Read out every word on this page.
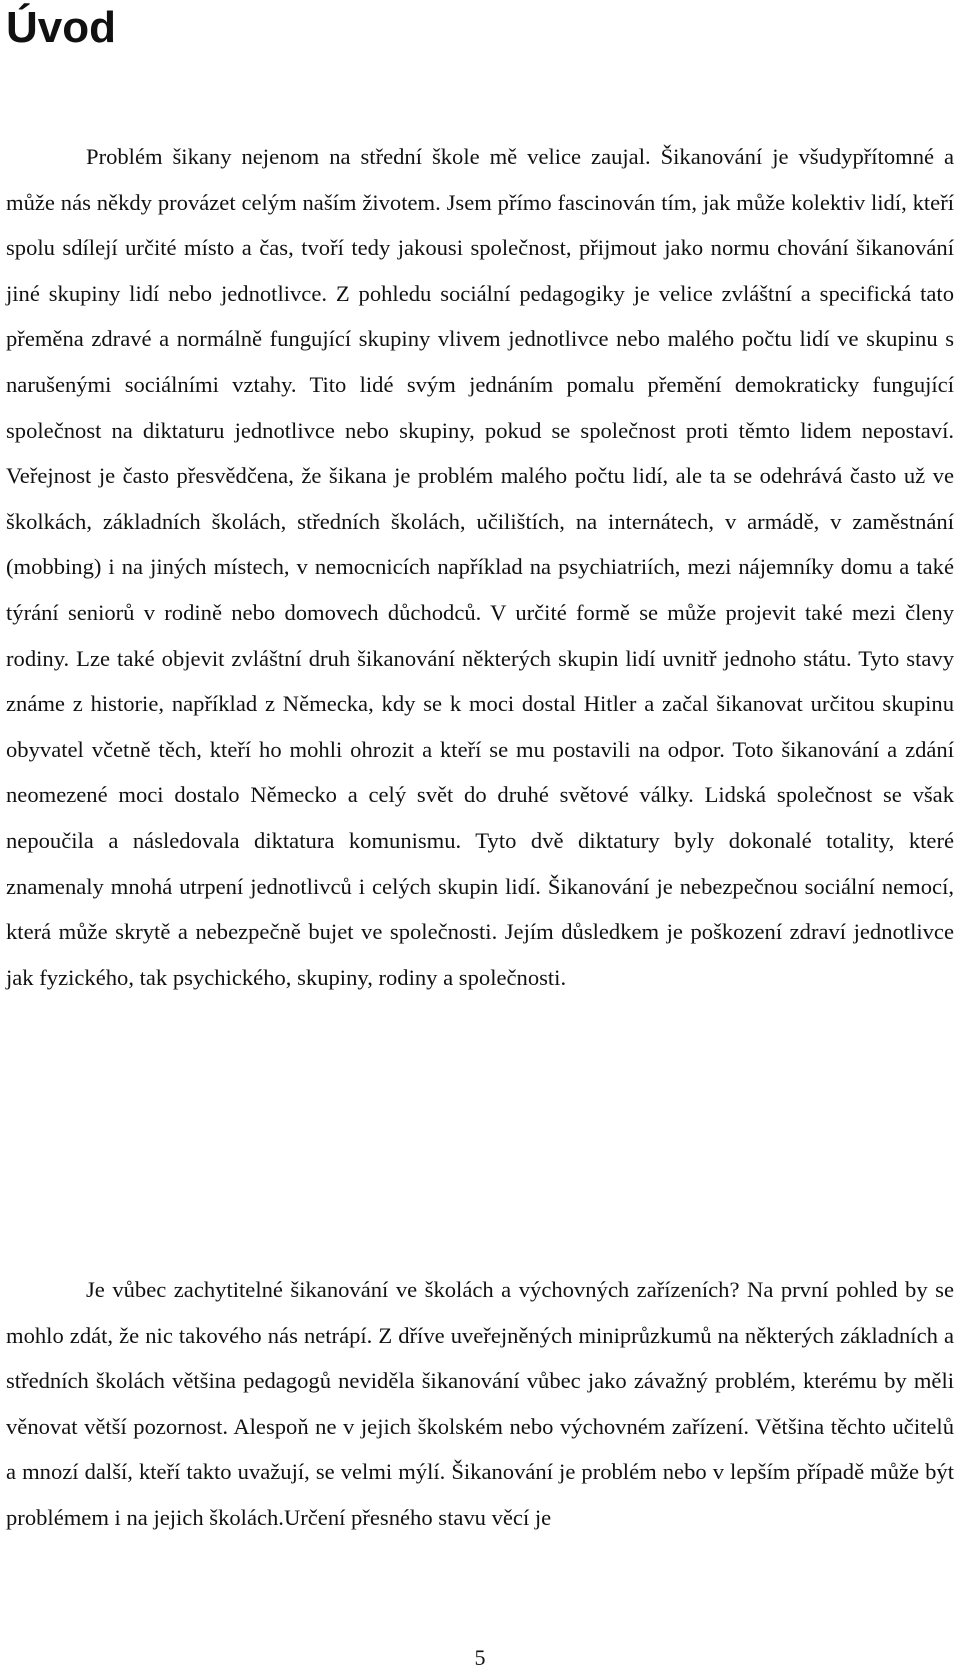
Úvod

Problém šikany nejenom na střední škole mě velice zaujal. Šikanování je všudypřítomné a může nás někdy provázet celým naším životem. Jsem přímo fascinován tím, jak může kolektiv lidí, kteří spolu sdílejí určité místo a čas, tvoří tedy jakousi společnost, přijmout jako normu chování šikanování jiné skupiny lidí nebo jednotlivce. Z pohledu sociální pedagogiky je velice zvláštní a specifická tato přeměna zdravé a normálně fungující skupiny vlivem jednotlivce nebo malého počtu lidí ve skupinu s narušenými sociálními vztahy. Tito lidé svým jednáním pomalu přemění demokraticky fungující společnost na diktaturu jednotlivce nebo skupiny, pokud se společnost proti těmto lidem nepostaví. Veřejnost je často přesvědčena, že šikana je problém malého počtu lidí, ale ta se odehrává často už ve školkách, základních školách, středních školách, učilištích, na internátech, v armádě, v zaměstnání (mobbing) i na jiných místech, v nemocnicích například na psychiatriích, mezi nájemníky domu a také týrání seniorů v rodině nebo domovech důchodců. V určité formě se může projevit také mezi členy rodiny. Lze také objevit zvláštní druh šikanování některých skupin lidí uvnitř jednoho státu. Tyto stavy známe z historie, například z Německa, kdy se k moci dostal Hitler a začal šikanovat určitou skupinu obyvatel včetně těch, kteří ho mohli ohrozit a kteří se mu postavili na odpor. Toto šikanování a zdání neomezené moci dostalo Německo a celý svět do druhé světové války. Lidská společnost se však nepoučila a následovala diktatura komunismu. Tyto dvě diktatury byly dokonalé totality, které znamenaly mnohá utrpení jednotlivců i celých skupin lidí. Šikanování je nebezpečnou sociální nemocí, která může skrytě a nebezpečně bujet ve společnosti. Jejím důsledkem je poškození zdraví jednotlivce jak fyzického, tak psychického, skupiny, rodiny a společnosti.

Je vůbec zachytitelné šikanování ve školách a výchovných zařízeních? Na první pohled by se mohlo zdát, že nic takového nás netrápí. Z dříve uveřejněných miniprůzkumů na některých základních a středních školách většina pedagogů neviděla šikanování vůbec jako závažný problém, kterému by měli věnovat větší pozornost. Alespoň ne v jejich školském nebo výchovném zařízení. Většina těchto učitelů a mnozí další, kteří takto uvažují, se velmi mýlí. Šikanování je problém nebo v lepším případě může být problémem i na jejich školách.Určení přesného stavu věcí je

5
